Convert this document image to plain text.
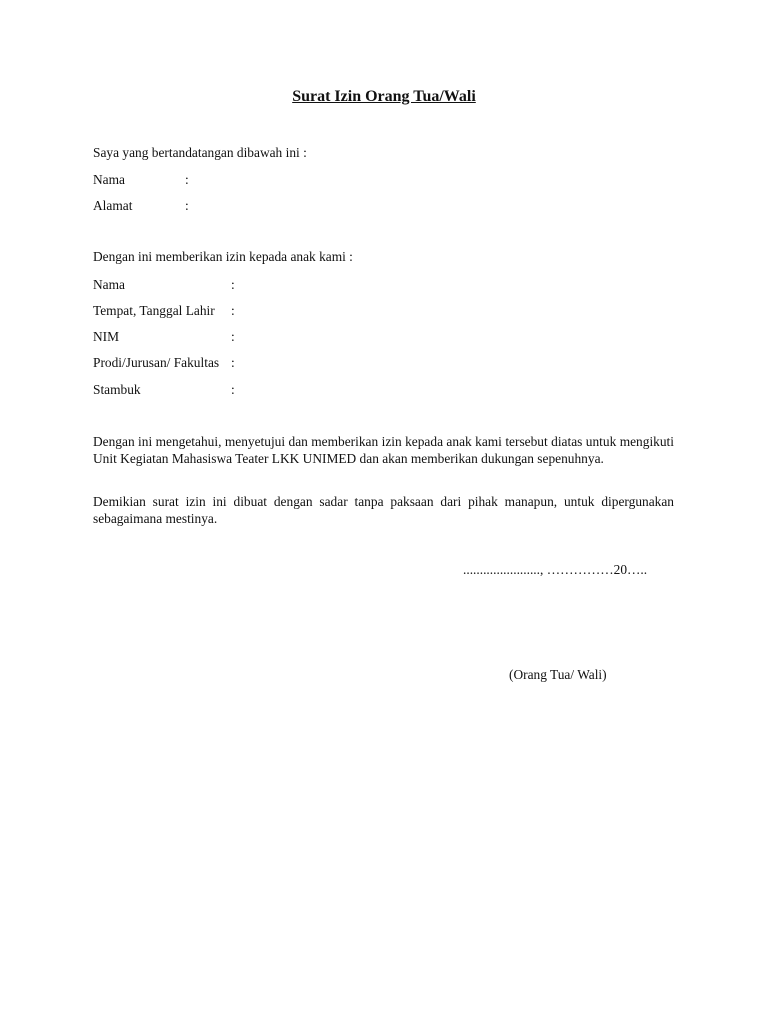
Surat Izin Orang Tua/Wali
Saya yang bertandatangan dibawah ini :
Nama	:
Alamat	:
Dengan ini memberikan izin kepada anak kami :
Nama	:
Tempat, Tanggal Lahir :
NIM	:
Prodi/Jurusan/ Fakultas :
Stambuk	:
Dengan ini mengetahui, menyetujui dan memberikan izin kepada anak kami tersebut diatas untuk mengikuti Unit Kegiatan Mahasiswa Teater LKK UNIMED dan akan memberikan dukungan sepenuhnya.
Demikian surat izin ini dibuat dengan sadar tanpa paksaan dari pihak manapun, untuk dipergunakan sebagaimana mestinya.
......................., ……………20…..
(Orang Tua/ Wali)
